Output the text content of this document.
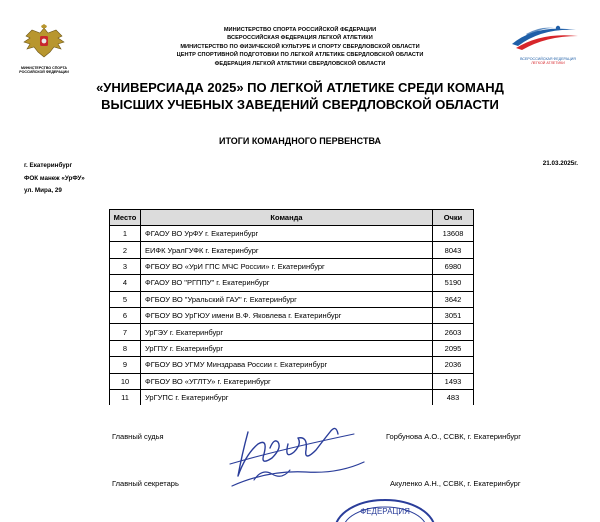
МИНИСТЕРСТВО СПОРТА
РОССИЙСКОЙ ФЕДЕРАЦИИ
МИНИСТЕРСТВО СПОРТА РОССИЙСКОЙ ФЕДЕРАЦИИ
ВСЕРОССИЙСКАЯ ФЕДЕРАЦИЯ ЛЕГКОЙ АТЛЕТИКИ
МИНИСТЕРСТВО ПО ФИЗИЧЕСКОЙ КУЛЬТУРЕ И СПОРТУ СВЕРДЛОВСКОЙ ОБЛАСТИ
ЦЕНТР СПОРТИВНОЙ ПОДГОТОВКИ ПО ЛЕГКОЙ АТЛЕТИКЕ СВЕРДЛОВСКОЙ ОБЛАСТИ
ФЕДЕРАЦИЯ ЛЕГКОЙ АТЛЕТИКИ СВЕРДЛОВСКОЙ ОБЛАСТИ
ВСЕРОССИЙСКАЯ ФЕДЕРАЦИЯ
ЛЕГКОЙ АТЛЕТИКИ
«УНИВЕРСИАДА 2025» ПО ЛЕГКОЙ АТЛЕТИКЕ СРЕДИ КОМАНД
ВЫСШИХ УЧЕБНЫХ ЗАВЕДЕНИЙ СВЕРДЛОВСКОЙ ОБЛАСТИ
ИТОГИ КОМАНДНОГО ПЕРВЕНСТВА
г. Екатеринбург
ФОК манеж «УрФУ»
ул. Мира, 29
21.03.2025г.
Место	Команда	Очки
1	ФГАОУ ВО УрФУ г. Екатеринбург	13608
2	ЕИФК УралГУФК г. Екатеринбург	8043
3	ФГБОУ ВО «УрИ ГПС МЧС России» г. Екатеринбург	6980
4	ФГАОУ ВО "РГППУ" г. Екатеринбург	5190
5	ФГБОУ ВО "Уральский ГАУ" г. Екатеринбург	3642
6	ФГБОУ ВО УрГЮУ имени В.Ф. Яковлева г. Екатеринбург	3051
7	УрГЭУ г. Екатеринбург	2603
8	УрГПУ г. Екатеринбург	2095
9	ФГБОУ ВО УГМУ Минздрава России г. Екатеринбург	2036
10	ФГБОУ ВО «УГЛТУ» г. Екатеринбург	1493
11	УрГУПС г. Екатеринбург	483
Главный судья	Горбунова А.О., ССВК, г. Екатеринбург
Главный секретарь	Акуленко А.Н., ССВК, г. Екатеринбург
ФЕДЕРАЦИЯ
